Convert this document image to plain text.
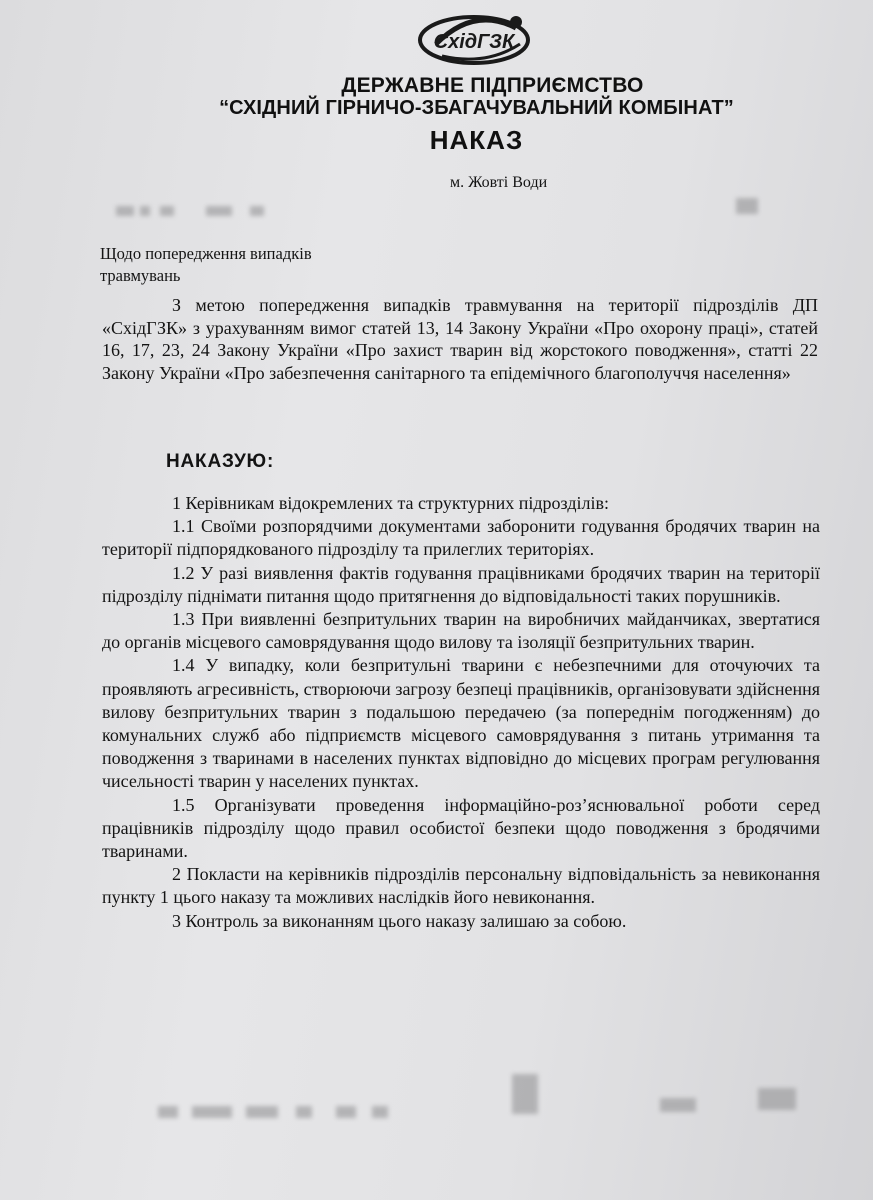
СхідГЗК
ДЕРЖАВНЕ ПІДПРИЄМСТВО
“СХІДНИЙ ГІРНИЧО-ЗБАГАЧУВАЛЬНИЙ КОМБІНАТ”
НАКАЗ
м. Жовті Води
Щодо попередження випадків
травмувань

З метою попередження випадків травмування на території підрозділів ДП «СхідГЗК» з урахуванням вимог статей 13, 14 Закону України «Про охорону праці», статей 16, 17, 23, 24 Закону України «Про захист тварин від жорстокого поводження», статті 22 Закону України «Про забезпечення санітарного та епідемічного благополуччя населення»

НАКАЗУЮ:

1 Керівникам відокремлених та структурних підрозділів:

1.1 Своїми розпорядчими документами заборонити годування бродячих тварин на території підпорядкованого підрозділу та прилеглих територіях.

1.2 У разі виявлення фактів годування працівниками бродячих тварин на території підрозділу піднімати питання щодо притягнення до відповідальності таких порушників.

1.3 При виявленні безпритульних тварин на виробничих майданчиках, звертатися до органів місцевого самоврядування щодо вилову та ізоляції безпритульних тварин.

1.4 У випадку, коли безпритульні тварини є небезпечними для оточуючих та проявляють агресивність, створюючи загрозу безпеці працівників, організовувати здійснення вилову безпритульних тварин з подальшою передачею (за попереднім погодженням) до комунальних служб або підприємств місцевого самоврядування з питань утримання та поводження з тваринами в населених пунктах відповідно до місцевих програм регулювання чисельності тварин у населених пунктах.

1.5 Організувати проведення інформаційно-роз’яснювальної роботи серед працівників підрозділу щодо правил особистої безпеки щодо поводження з бродячими тваринами.

2 Покласти на керівників підрозділів персональну відповідальність за невиконання пункту 1 цього наказу та можливих наслідків його невиконання.

3 Контроль за виконанням цього наказу залишаю за собою.
